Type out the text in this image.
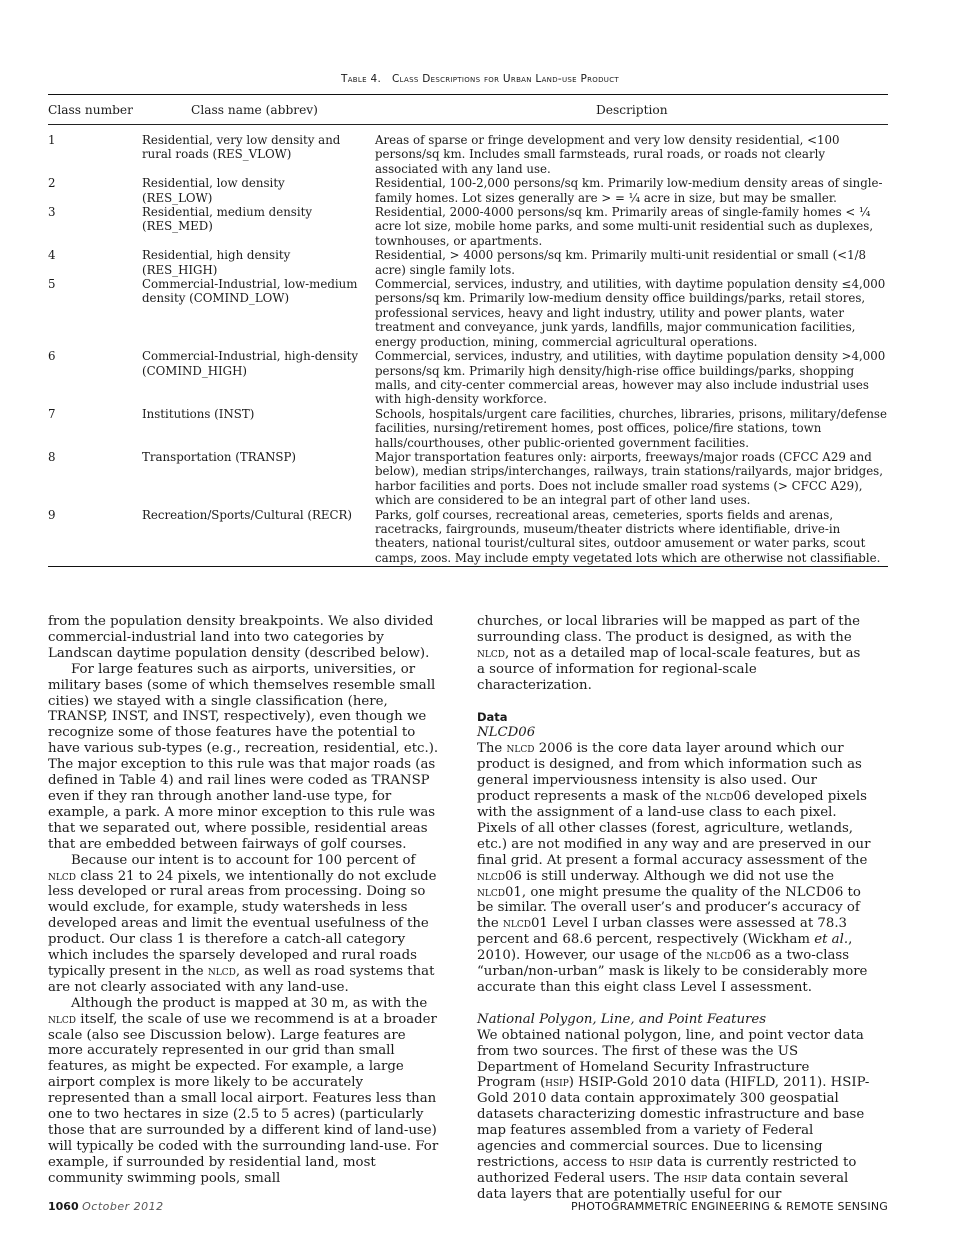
Table 4. Class Descriptions for Urban Land-use Product
Class number	Class name (abbrev)	Description
1	Residential, very low density and rural roads (RES_VLOW)	Areas of sparse or fringe development and very low density residential, <100 persons/sq km. Includes small farmsteads, rural roads, or roads not clearly associated with any land use.
2	Residential, low density (RES_LOW)	Residential, 100-2,000 persons/sq km. Primarily low-medium density areas of single-family homes. Lot sizes generally are > = ¼ acre in size, but may be smaller.
3	Residential, medium density (RES_MED)	Residential, 2000-4000 persons/sq km. Primarily areas of single-family homes < ¼ acre lot size, mobile home parks, and some multi-unit residential such as duplexes, townhouses, or apartments.
4	Residential, high density (RES_HIGH)	Residential, > 4000 persons/sq km. Primarily multi-unit residential or small (<1/8 acre) single family lots.
5	Commercial-Industrial, low-medium density (COMIND_LOW)	Commercial, services, industry, and utilities, with daytime population density ≤4,000 persons/sq km. Primarily low-medium density office buildings/parks, retail stores, professional services, heavy and light industry, utility and power plants, water treatment and conveyance, junk yards, landfills, major communication facilities, energy production, mining, commercial agricultural operations.
6	Commercial-Industrial, high-density (COMIND_HIGH)	Commercial, services, industry, and utilities, with daytime population density >4,000 persons/sq km. Primarily high density/high-rise office buildings/parks, shopping malls, and city-center commercial areas, however may also include industrial uses with high-density workforce.
7	Institutions (INST)	Schools, hospitals/urgent care facilities, churches, libraries, prisons, military/defense facilities, nursing/retirement homes, post offices, police/fire stations, town halls/courthouses, other public-oriented government facilities.
8	Transportation (TRANSP)	Major transportation features only: airports, freeways/major roads (CFCC A29 and below), median strips/interchanges, railways, train stations/railyards, major bridges, harbor facilities and ports. Does not include smaller road systems (> CFCC A29), which are considered to be an integral part of other land uses.
9	Recreation/Sports/Cultural (RECR)	Parks, golf courses, recreational areas, cemeteries, sports fields and arenas, racetracks, fairgrounds, museum/theater districts where identifiable, drive-in theaters, national tourist/cultural sites, outdoor amusement or water parks, scout camps, zoos. May include empty vegetated lots which are otherwise not classifiable.

from the population density breakpoints. We also divided commercial-industrial land into two categories by Landscan daytime population density (described below).

For large features such as airports, universities, or military bases (some of which themselves resemble small cities) we stayed with a single classification (here, TRANSP, INST, and INST, respectively), even though we recognize some of those features have the potential to have various sub-types (e.g., recreation, residential, etc.). The major exception to this rule was that major roads (as defined in Table 4) and rail lines were coded as TRANSP even if they ran through another land-use type, for example, a park. A more minor exception to this rule was that we separated out, where possible, residential areas that are embedded between fairways of golf courses.

Because our intent is to account for 100 percent of nlcd class 21 to 24 pixels, we intentionally do not exclude less developed or rural areas from processing. Doing so would exclude, for example, study watersheds in less developed areas and limit the eventual usefulness of the product. Our class 1 is therefore a catch-all category which includes the sparsely developed and rural roads typically present in the nlcd, as well as road systems that are not clearly associated with any land-use.

Although the product is mapped at 30 m, as with the nlcd itself, the scale of use we recommend is at a broader scale (also see Discussion below). Large features are more accurately represented in our grid than small features, as might be expected. For example, a large airport complex is more likely to be accurately represented than a small local airport. Features less than one to two hectares in size (2.5 to 5 acres) (particularly those that are surrounded by a different kind of land-use) will typically be coded with the surrounding land-use. For example, if surrounded by residential land, most community swimming pools, small

churches, or local libraries will be mapped as part of the surrounding class. The product is designed, as with the nlcd, not as a detailed map of local-scale features, but as a source of information for regional-scale characterization.

Data

NLCD06

The nlcd 2006 is the core data layer around which our product is designed, and from which information such as general imperviousness intensity is also used. Our product represents a mask of the nlcd06 developed pixels with the assignment of a land-use class to each pixel. Pixels of all other classes (forest, agriculture, wetlands, etc.) are not modified in any way and are preserved in our final grid. At present a formal accuracy assessment of the nlcd06 is still underway. Although we did not use the nlcd01, one might presume the quality of the NLCD06 to be similar. The overall user’s and producer’s accuracy of the nlcd01 Level I urban classes were assessed at 78.3 percent and 68.6 percent, respectively (Wickham et al., 2010). However, our usage of the nlcd06 as a two-class “urban/non-urban” mask is likely to be considerably more accurate than this eight class Level I assessment.

National Polygon, Line, and Point Features

We obtained national polygon, line, and point vector data from two sources. The first of these was the US Department of Homeland Security Infrastructure Program (hsip) HSIP-Gold 2010 data (HIFLD, 2011). HSIP-Gold 2010 data contain approximately 300 geospatial datasets characterizing domestic infrastructure and base map features assembled from a variety of Federal agencies and commercial sources. Due to licensing restrictions, access to hsip data is currently restricted to authorized Federal users. The hsip data contain several data layers that are potentially useful for our

1060 October 2012	PHOTOGRAMMETRIC ENGINEERING & REMOTE SENSING
